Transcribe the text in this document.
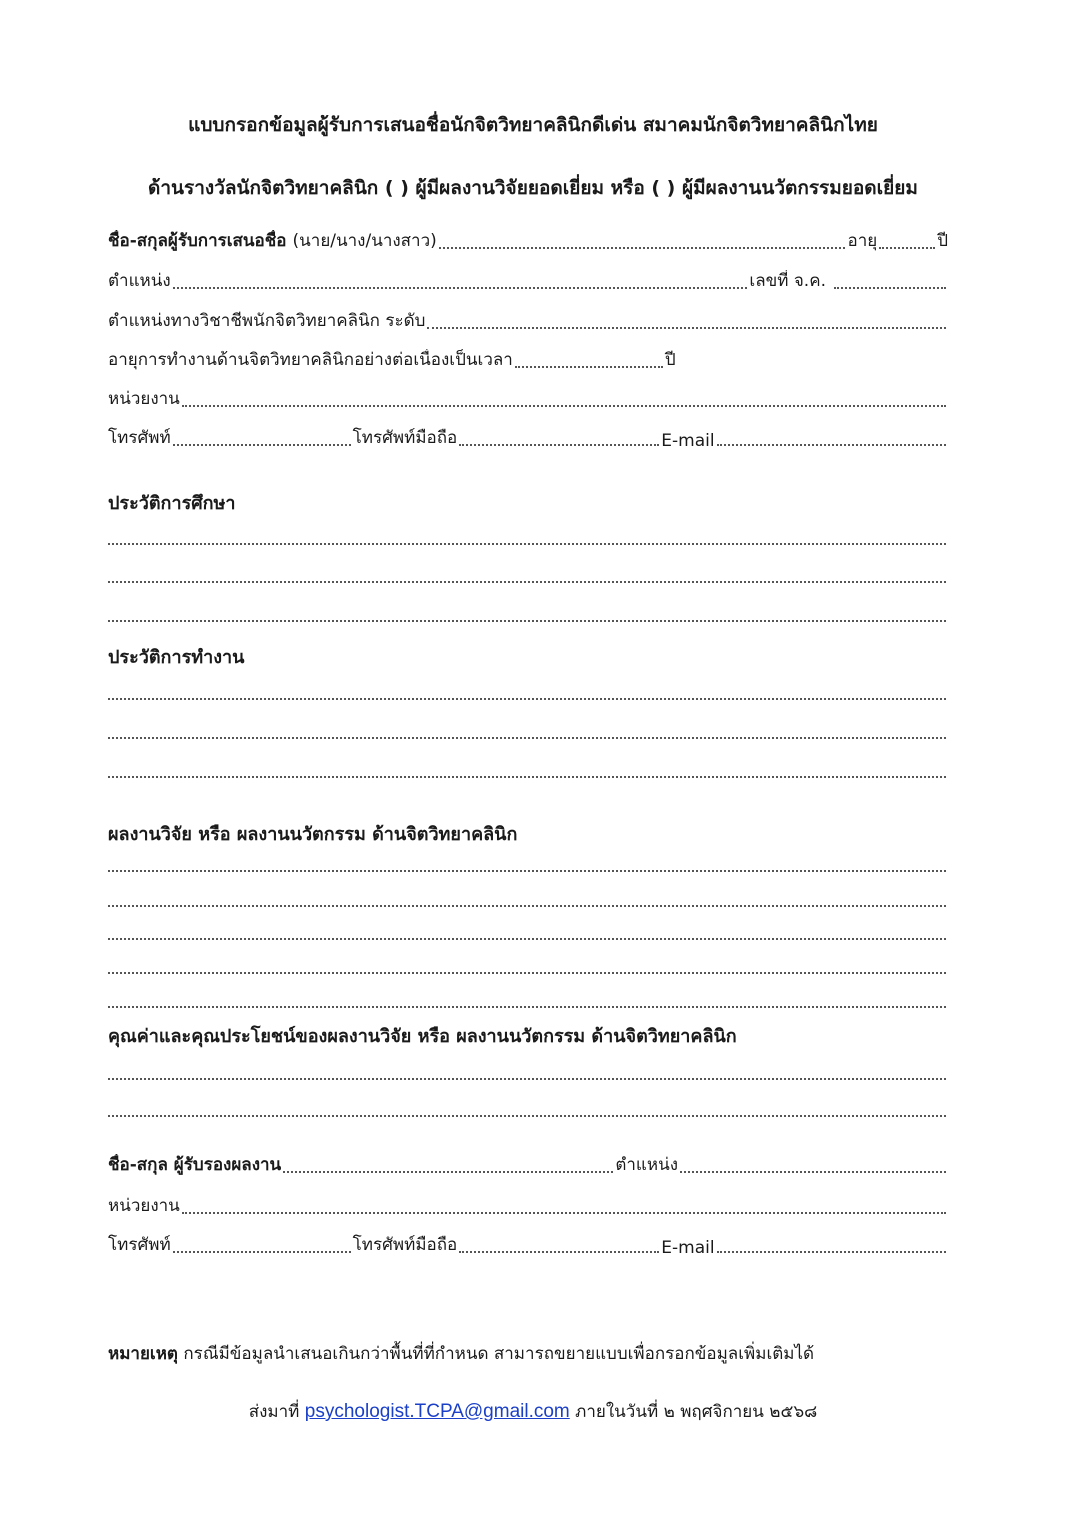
แบบกรอกข้อมูลผู้รับการเสนอชื่อนักจิตวิทยาคลินิกดีเด่น สมาคมนักจิตวิทยาคลินิกไทย
ด้านรางวัลนักจิตวิทยาคลินิก ( ) ผู้มีผลงานวิจัยยอดเยี่ยม หรือ ( ) ผู้มีผลงานนวัตกรรมยอดเยี่ยม
ชื่อ-สกุลผู้รับการเสนอชื่อ (นาย/นาง/นางสาว)	อายุ	ปี
ตำแหน่ง	เลขที่ จ.ค.
ตำแหน่งทางวิชาชีพนักจิตวิทยาคลินิก ระดับ
อายุการทำงานด้านจิตวิทยาคลินิกอย่างต่อเนื่องเป็นเวลา	ปี
หน่วยงาน
โทรศัพท์	โทรศัพท์มือถือ	E-mail
ประวัติการศึกษา
ประวัติการทำงาน
ผลงานวิจัย หรือ ผลงานนวัตกรรม ด้านจิตวิทยาคลินิก
คุณค่าและคุณประโยชน์ของผลงานวิจัย หรือ ผลงานนวัตกรรม ด้านจิตวิทยาคลินิก
ชื่อ-สกุล ผู้รับรองผลงาน	ตำแหน่ง
หน่วยงาน
โทรศัพท์	โทรศัพท์มือถือ	E-mail
หมายเหตุ กรณีมีข้อมูลนำเสนอเกินกว่าพื้นที่ที่กำหนด สามารถขยายแบบเพื่อกรอกข้อมูลเพิ่มเติมได้
ส่งมาที่ psychologist.TCPA@gmail.com ภายในวันที่ ๒ พฤศจิกายน ๒๕๖๘
